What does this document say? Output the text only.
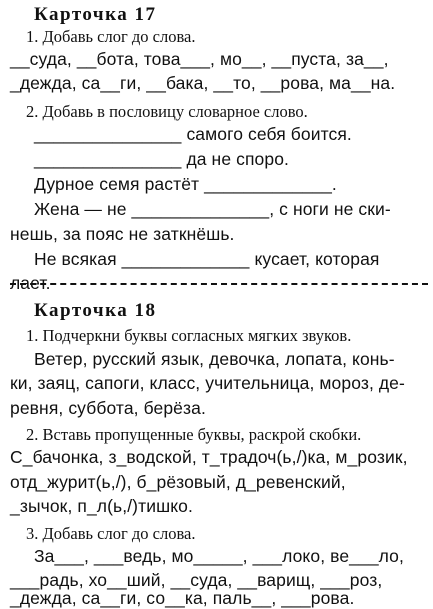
Карточка 17
1. Добавь слог до слова.
__суда, __бота, това___, мо__, __пуста, за__,
_дежда, са__ги, __бака, __то, __рова, ма__на.
2. Добавь в пословицу словарное слово.
_______________ самого себя боится.
_______________ да не споро.
Дурное семя растёт _____________.
Жена — не ______________, с ноги не ски-
нешь, за пояс не заткнёшь.
Не всякая _____________ кусает, которая
лает.
Карточка 18
1. Подчеркни буквы согласных мягких звуков.
Ветер, русский язык, девочка, лопата, конь-
ки, заяц, сапоги, класс, учительница, мороз, де-
ревня, суббота, берёза.
2. Вставь пропущенные буквы, раскрой скобки.
С_бачонка, з_водской, т_традоч(ь,/)ка, м_розик,
отд_журит(ь,/), б_рёзовый, д_ревенский,
_зычок, п_л(ь,/)тишко.
3. Добавь слог до слова.
За___, ___ведь, мо_____, ___локо, ве___ло,
___радь, хо__ший, __суда, __варищ, ___роз,
_дежда, са__ги, со__ка, паль__, ___рова.
